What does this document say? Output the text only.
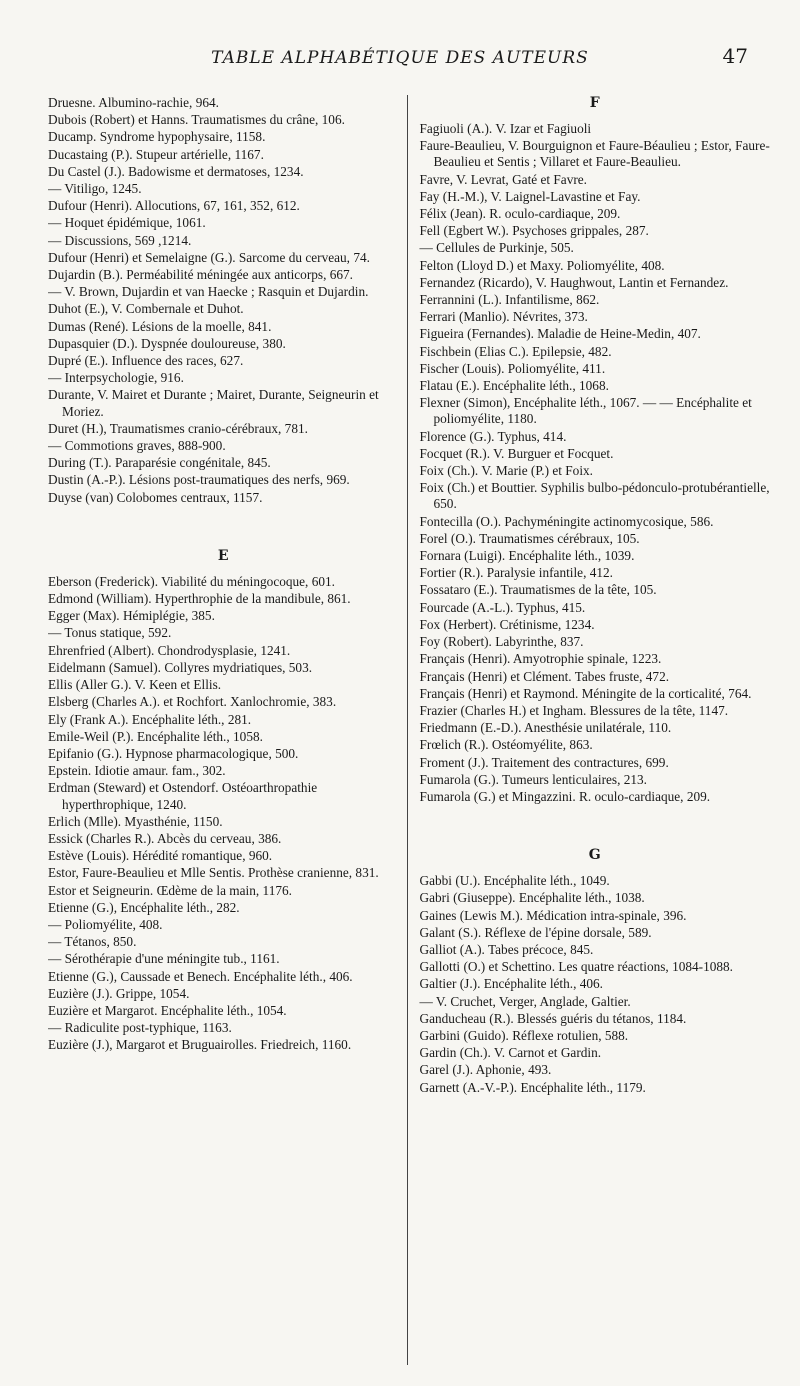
TABLE ALPHABÉTIQUE DES AUTEURS	47

Druesne. Albumino-rachie, 964.

Dubois (Robert) et Hanns. Traumatismes du crâne, 106.

Ducamp. Syndrome hypophysaire, 1158.

Ducastaing (P.). Stupeur artérielle, 1167.

Du Castel (J.). Badowisme et dermatoses, 1234.

— Vitiligo, 1245.

Dufour (Henri). Allocutions, 67, 161, 352, 612.

— Hoquet épidémique, 1061.

— Discussions, 569 ,1214.

Dufour (Henri) et Semelaigne (G.). Sarcome du cerveau, 74.

Dujardin (B.). Perméabilité méningée aux anticorps, 667.

— V. Brown, Dujardin et van Haecke ; Rasquin et Dujardin.

Duhot (E.), V. Combernale et Duhot.

Dumas (René). Lésions de la moelle, 841.

Dupasquier (D.). Dyspnée douloureuse, 380.

Dupré (E.). Influence des races, 627.

— Interpsychologie, 916.

Durante, V. Mairet et Durante ; Mairet, Durante, Seigneurin et Moriez.

Duret (H.), Traumatismes cranio-cérébraux, 781.

— Commotions graves, 888-900.

During (T.). Paraparésie congénitale, 845.

Dustin (A.-P.). Lésions post-traumatiques des nerfs, 969.

Duyse (van) Colobomes centraux, 1157.

E

Eberson (Frederick). Viabilité du méningocoque, 601.

Edmond (William). Hyperthrophie de la mandibule, 861.

Egger (Max). Hémiplégie, 385.

— Tonus statique, 592.

Ehrenfried (Albert). Chondrodysplasie, 1241.

Eidelmann (Samuel). Collyres mydriatiques, 503.

Ellis (Aller G.). V. Keen et Ellis.

Elsberg (Charles A.). et Rochfort. Xanlochromie, 383.

Ely (Frank A.). Encéphalite léth., 281.

Emile-Weil (P.). Encéphalite léth., 1058.

Epifanio (G.). Hypnose pharmacologique, 500.

Epstein. Idiotie amaur. fam., 302.

Erdman (Steward) et Ostendorf. Ostéoarthropathie hyperthrophique, 1240.

Erlich (Mlle). Myasthénie, 1150.

Essick (Charles R.). Abcès du cerveau, 386.

Estève (Louis). Hérédité romantique, 960.

Estor, Faure-Beaulieu et Mlle Sentis. Prothèse cranienne, 831.

Estor et Seigneurin. Œdème de la main, 1176.

Etienne (G.), Encéphalite léth., 282.

— Poliomyélite, 408.

— Tétanos, 850.

— Sérothérapie d'une méningite tub., 1161.

Etienne (G.), Caussade et Benech. Encéphalite léth., 406.

Euzière (J.). Grippe, 1054.

Euzière et Margarot. Encéphalite léth., 1054.

— Radiculite post-typhique, 1163.

Euzière (J.), Margarot et Bruguairolles. Friedreich, 1160.

F

Fagiuoli (A.). V. Izar et Fagiuoli

Faure-Beaulieu, V. Bourguignon et Faure-Béaulieu ; Estor, Faure-Beaulieu et Sentis ; Villaret et Faure-Beaulieu.

Favre, V. Levrat, Gaté et Favre.

Fay (H.-M.), V. Laignel-Lavastine et Fay.

Félix (Jean). R. oculo-cardiaque, 209.

Fell (Egbert W.). Psychoses grippales, 287.

— Cellules de Purkinje, 505.

Felton (Lloyd D.) et Maxy. Poliomyélite, 408.

Fernandez (Ricardo), V. Haughwout, Lantin et Fernandez.

Ferrannini (L.). Infantilisme, 862.

Ferrari (Manlio). Névrites, 373.

Figueira (Fernandes). Maladie de Heine-Medin, 407.

Fischbein (Elias C.). Epilepsie, 482.

Fischer (Louis). Poliomyélite, 411.

Flatau (E.). Encéphalite léth., 1068.

Flexner (Simon), Encéphalite léth., 1067. — — Encéphalite et poliomyélite, 1180.

Florence (G.). Typhus, 414.

Focquet (R.). V. Burguer et Focquet.

Foix (Ch.). V. Marie (P.) et Foix.

Foix (Ch.) et Bouttier. Syphilis bulbo-pédonculo-protubérantielle, 650.

Fontecilla (O.). Pachyméningite actinomycosique, 586.

Forel (O.). Traumatismes cérébraux, 105.

Fornara (Luigi). Encéphalite léth., 1039.

Fortier (R.). Paralysie infantile, 412.

Fossataro (E.). Traumatismes de la tête, 105.

Fourcade (A.-L.). Typhus, 415.

Fox (Herbert). Crétinisme, 1234.

Foy (Robert). Labyrinthe, 837.

Français (Henri). Amyotrophie spinale, 1223.

Français (Henri) et Clément. Tabes fruste, 472.

Français (Henri) et Raymond. Méningite de la corticalité, 764.

Frazier (Charles H.) et Ingham. Blessures de la tête, 1147.

Friedmann (E.-D.). Anesthésie unilatérale, 110.

Frœlich (R.). Ostéomyélite, 863.

Froment (J.). Traitement des contractures, 699.

Fumarola (G.). Tumeurs lenticulaires, 213.

Fumarola (G.) et Mingazzini. R. oculo-cardiaque, 209.

G

Gabbi (U.). Encéphalite léth., 1049.

Gabri (Giuseppe). Encéphalite léth., 1038.

Gaines (Lewis M.). Médication intra-spinale, 396.

Galant (S.). Réflexe de l'épine dorsale, 589.

Galliot (A.). Tabes précoce, 845.

Gallotti (O.) et Schettino. Les quatre réactions, 1084-1088.

Galtier (J.). Encéphalite léth., 406.

— V. Cruchet, Verger, Anglade, Galtier.

Ganducheau (R.). Blessés guéris du tétanos, 1184.

Garbini (Guido). Réflexe rotulien, 588.

Gardin (Ch.). V. Carnot et Gardin.

Garel (J.). Aphonie, 493.

Garnett (A.-V.-P.). Encéphalite léth., 1179.
